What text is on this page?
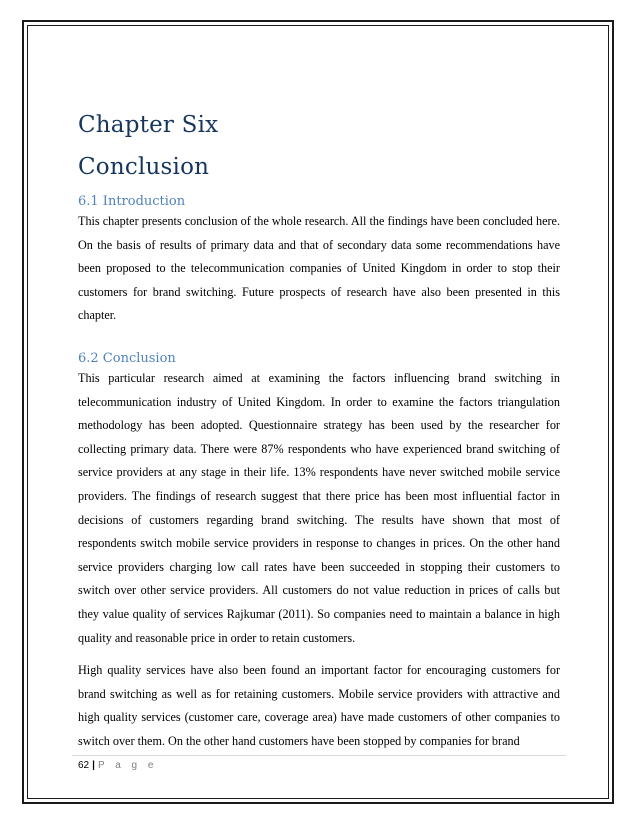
Chapter Six
Conclusion
6.1 Introduction

This chapter presents conclusion of the whole research. All the findings have been concluded here. On the basis of results of primary data and that of secondary data some recommendations have been proposed to the telecommunication companies of United Kingdom in order to stop their customers for brand switching. Future prospects of research have also been presented in this chapter.

6.2 Conclusion

This particular research aimed at examining the factors influencing brand switching in telecommunication industry of United Kingdom. In order to examine the factors triangulation methodology has been adopted. Questionnaire strategy has been used by the researcher for collecting primary data. There were 87% respondents who have experienced brand switching of service providers at any stage in their life. 13% respondents have never switched mobile service providers. The findings of research suggest that there price has been most influential factor in decisions of customers regarding brand switching. The results have shown that most of respondents switch mobile service providers in response to changes in prices. On the other hand service providers charging low call rates have been succeeded in stopping their customers to switch over other service providers. All customers do not value reduction in prices of calls but they value quality of services Rajkumar (2011). So companies need to maintain a balance in high quality and reasonable price in order to retain customers.

High quality services have also been found an important factor for encouraging customers for brand switching as well as for retaining customers. Mobile service providers with attractive and high quality services (customer care, coverage area) have made customers of other companies to switch over them. On the other hand customers have been stopped by companies for brand

62 | P a g e
